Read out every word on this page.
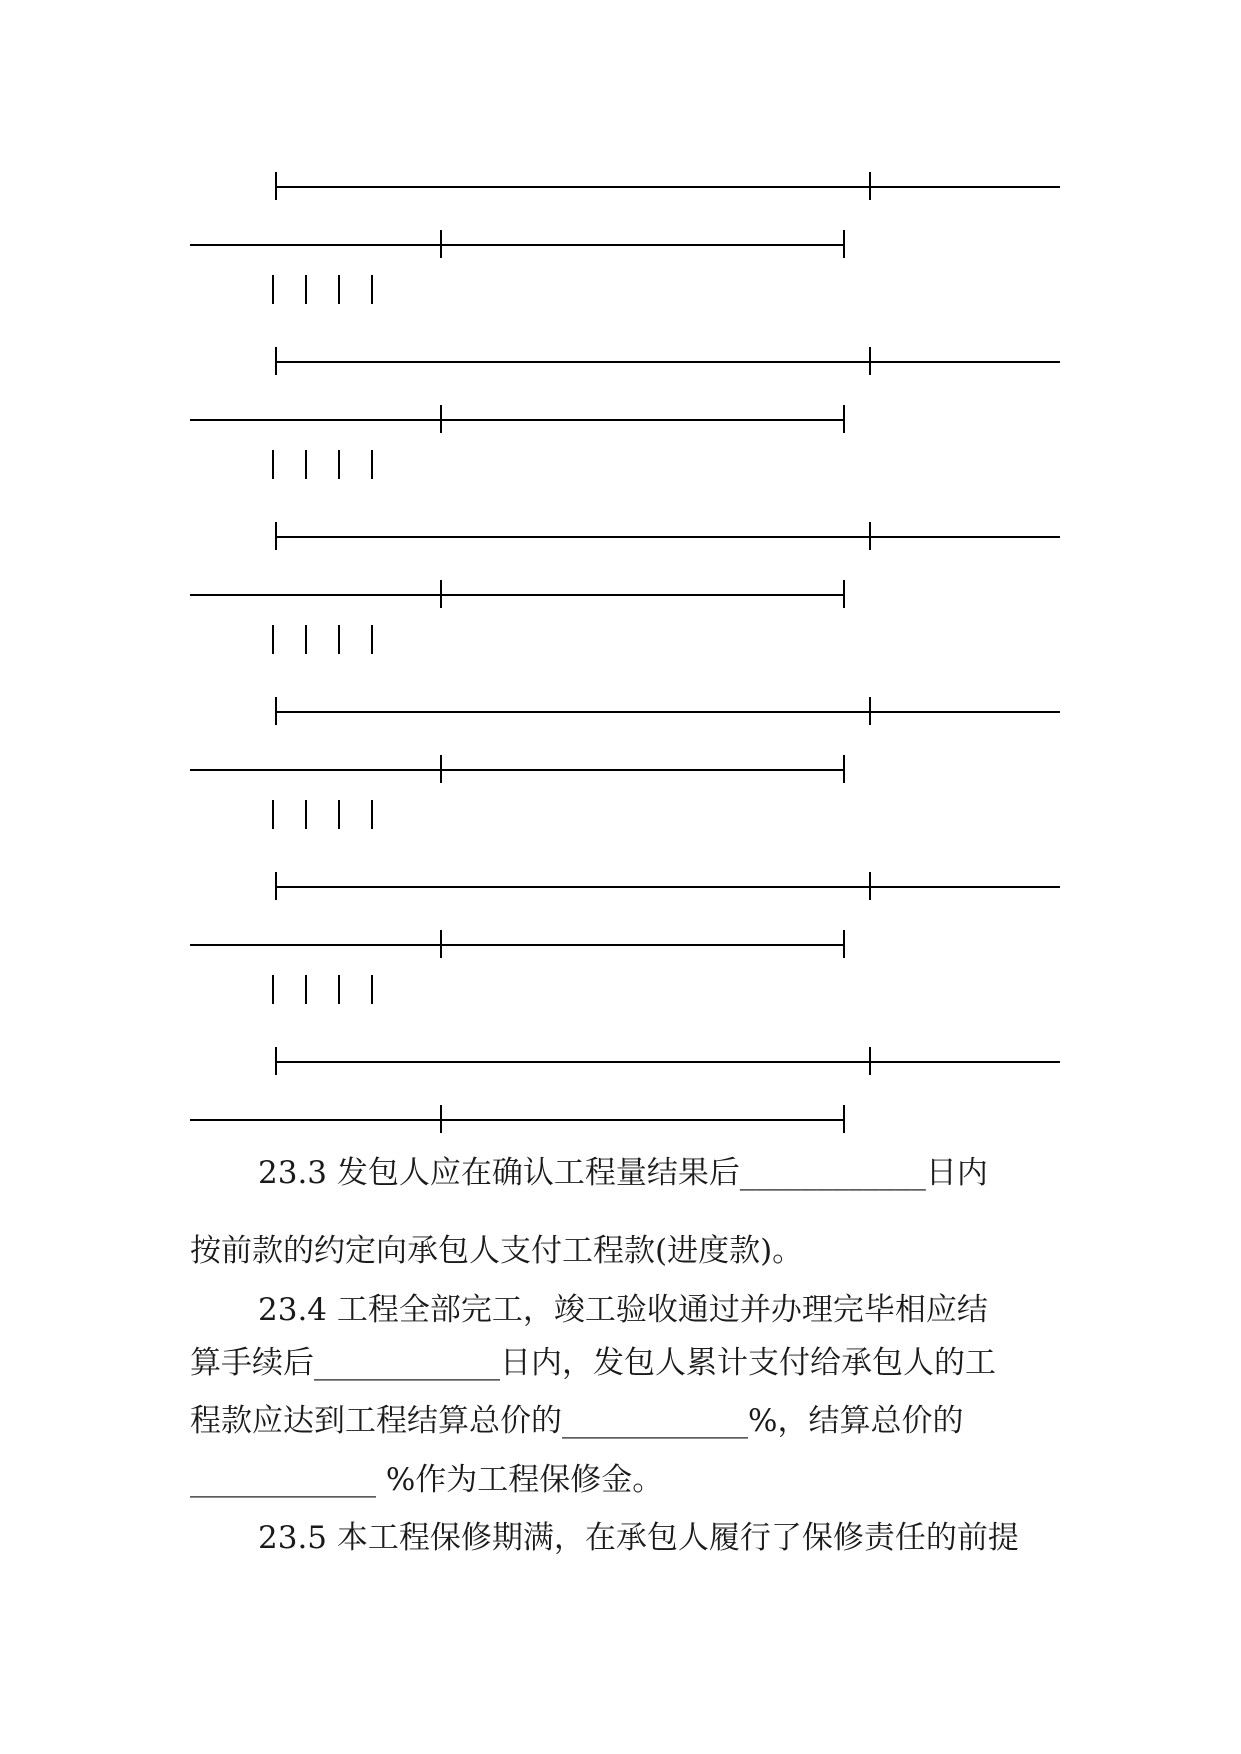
23.3 发包人应在确认工程量结果后____________日内

按前款的约定向承包人支付工程款(进度款)。

23.4 工程全部完工，竣工验收通过并办理完毕相应结

算手续后____________日内，发包人累计支付给承包人的工

程款应达到工程结算总价的____________%，结算总价的

____________ %作为工程保修金。

23.5 本工程保修期满，在承包人履行了保修责任的前提
